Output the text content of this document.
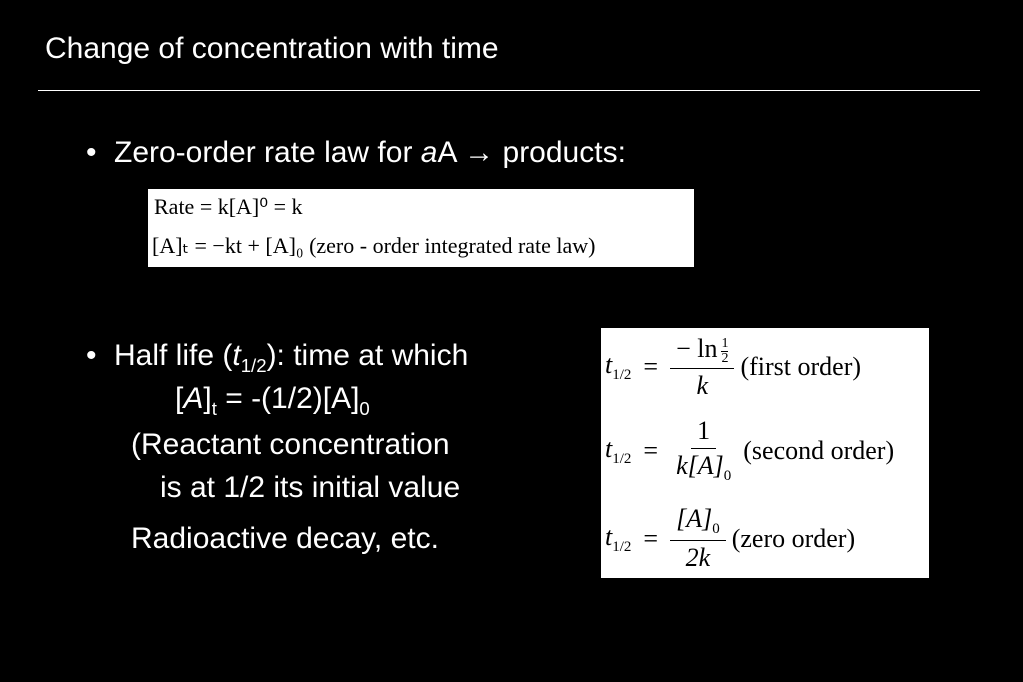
Change of concentration with time
• Zero-order rate law for aA → products:
Rate = k[A]⁰ = k
[A]ₜ = −kt + [A]₀ (zero - order integrated rate law)
• Half life $(t_{1/2})$: time at which
$[A]_t = -(1/2)[A]_0$
(Reactant concentration
is at 1/2 its initial value
Radioactive decay, etc.
$t_{1/2} = \frac{- \ln \frac{1}{2}}{k}$ (first order)
$t_{1/2} = \frac{1}{k[A]_0}$ (second order)
$t_{1/2} = \frac{[A]_0}{2k}$ (zero order)
